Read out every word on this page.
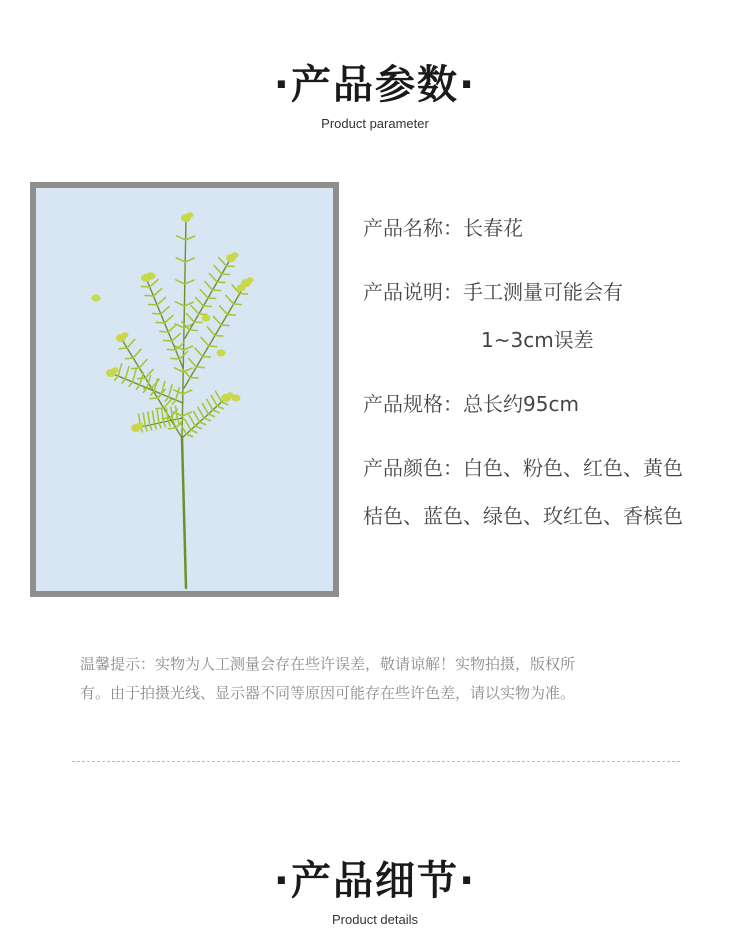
·产品参数·
Product parameter
产品名称：长春花
产品说明：手工测量可能会有
1~3cm误差
产品规格：总长约95cm
产品颜色：白色、粉色、红色、黄色
桔色、蓝色、绿色、玫红色、香槟色
温馨提示：实物为人工测量会存在些许误差，敬请谅解！实物拍摄，版权所
有。由于拍摄光线、显示器不同等原因可能存在些许色差，请以实物为准。
·产品细节·
Product details
